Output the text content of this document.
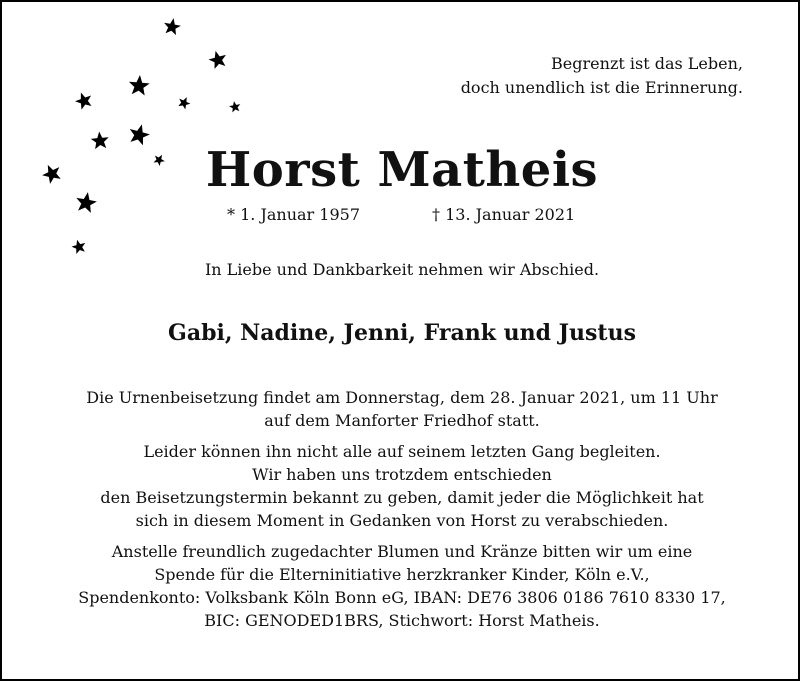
Begrenzt ist das Leben,
doch unendlich ist die Erinnerung.
Horst Matheis
* 1. Januar 1957	† 13. Januar 2021
In Liebe und Dankbarkeit nehmen wir Abschied.
Gabi, Nadine, Jenni, Frank und Justus
Die Urnenbeisetzung findet am Donnerstag, dem 28. Januar 2021, um 11 Uhr
auf dem Manforter Friedhof statt.
Leider können ihn nicht alle auf seinem letzten Gang begleiten.
Wir haben uns trotzdem entschieden
den Beisetzungstermin bekannt zu geben, damit jeder die Möglichkeit hat
sich in diesem Moment in Gedanken von Horst zu verabschieden.
Anstelle freundlich zugedachter Blumen und Kränze bitten wir um eine
Spende für die Elterninitiative herzkranker Kinder, Köln e.V.,
Spendenkonto: Volksbank Köln Bonn eG, IBAN: DE76 3806 0186 7610 8330 17,
BIC: GENODED1BRS, Stichwort: Horst Matheis.
